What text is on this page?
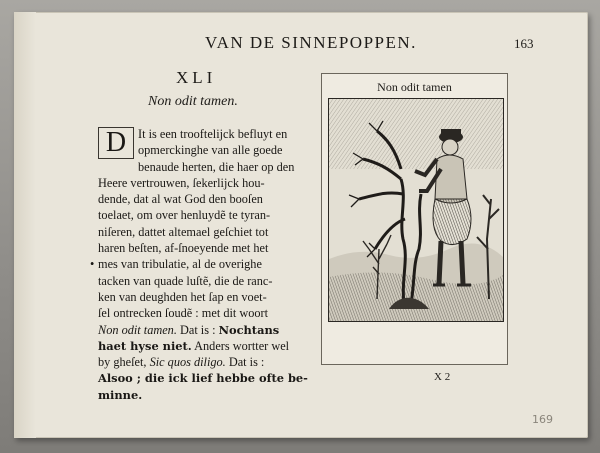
VAN DE SINNEPOPPEN.	163
XLI
Non odit tamen.
D It is een trooftelijck befluyt en
opmerckinghe van alle goede
benaude herten, die haer op den
Heere vertrouwen, ſekerlijck hou-
dende, dat al wat God den booſen
toelaet, om over henluydẽ te tyran-
niſeren, dattet altemael geſchiet tot
haren beſten, af-ſnoeyende met het
• mes van tribulatie, al de overighe
tacken van quade luſtẽ, die de ranc-
ken van deughden het ſap en voet-
ſel ontrecken ſoudẽ : met dit woort
Non odit tamen. Dat is : Nochtans
haet hyse niet. Anders wortter wel
by gheſet, Sic quos diligo. Dat is :
Alsoo ; die ick lief hebbe ofte be-
minne.
Non odit tamen
X 2
169
